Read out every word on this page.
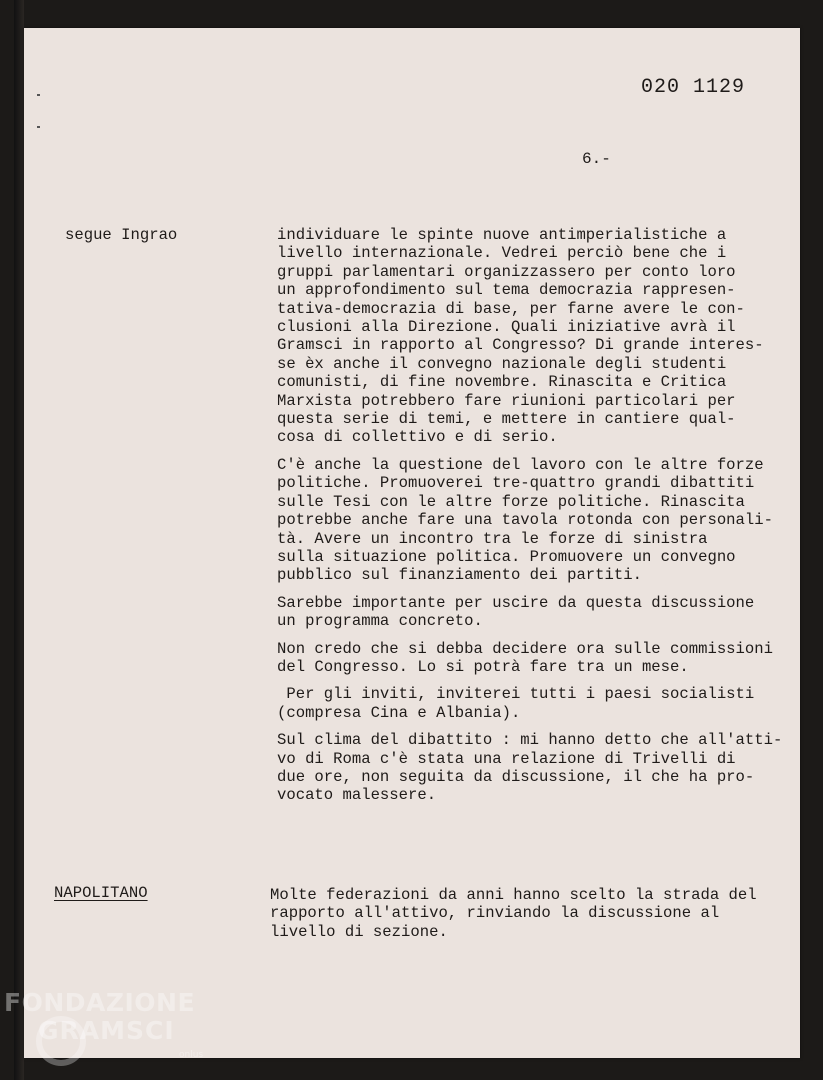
020 1129
6.-
segue Ingrao	individuare le spinte nuove antimperialistiche a
livello internazionale. Vedrei perciò bene che i
gruppi parlamentari organizzassero per conto loro
un approfondimento sul tema democrazia rappresen-
tativa-democrazia di base, per farne avere le con-
clusioni alla Direzione. Quali iniziative avrà il
Gramsci in rapporto al Congresso? Di grande interes-
se èx anche il convegno nazionale degli studenti
comunisti, di fine novembre. Rinascita e Critica
Marxista potrebbero fare riunioni particolari per
questa serie di temi, e mettere in cantiere qual-
cosa di collettivo e di serio.
C'è anche la questione del lavoro con le altre forze
politiche. Promuoverei tre-quattro grandi dibattiti
sulle Tesi con le altre forze politiche. Rinascita
potrebbe anche fare una tavola rotonda con personali-
tà. Avere un incontro tra le forze di sinistra
sulla situazione politica. Promuovere un convegno
pubblico sul finanziamento dei partiti.
Sarebbe importante per uscire da questa discussione
un programma concreto.
Non credo che si debba decidere ora sulle commissioni
del Congresso. Lo si potrà fare tra un mese.
Per gli inviti, inviterei tutti i paesi socialisti
(compresa Cina e Albania).
Sul clima del dibattito : mi hanno detto che all'atti-
vo di Roma c'è stata una relazione di Trivelli di
due ore, non seguita da discussione, il che ha pro-
vocato malessere.
NAPOLITANO	Molte federazioni da anni hanno scelto la strada del
rapporto all'attivo, rinviando la discussione al
livello di sezione.
FONDAZIONE
GRAMSCI
onlus
